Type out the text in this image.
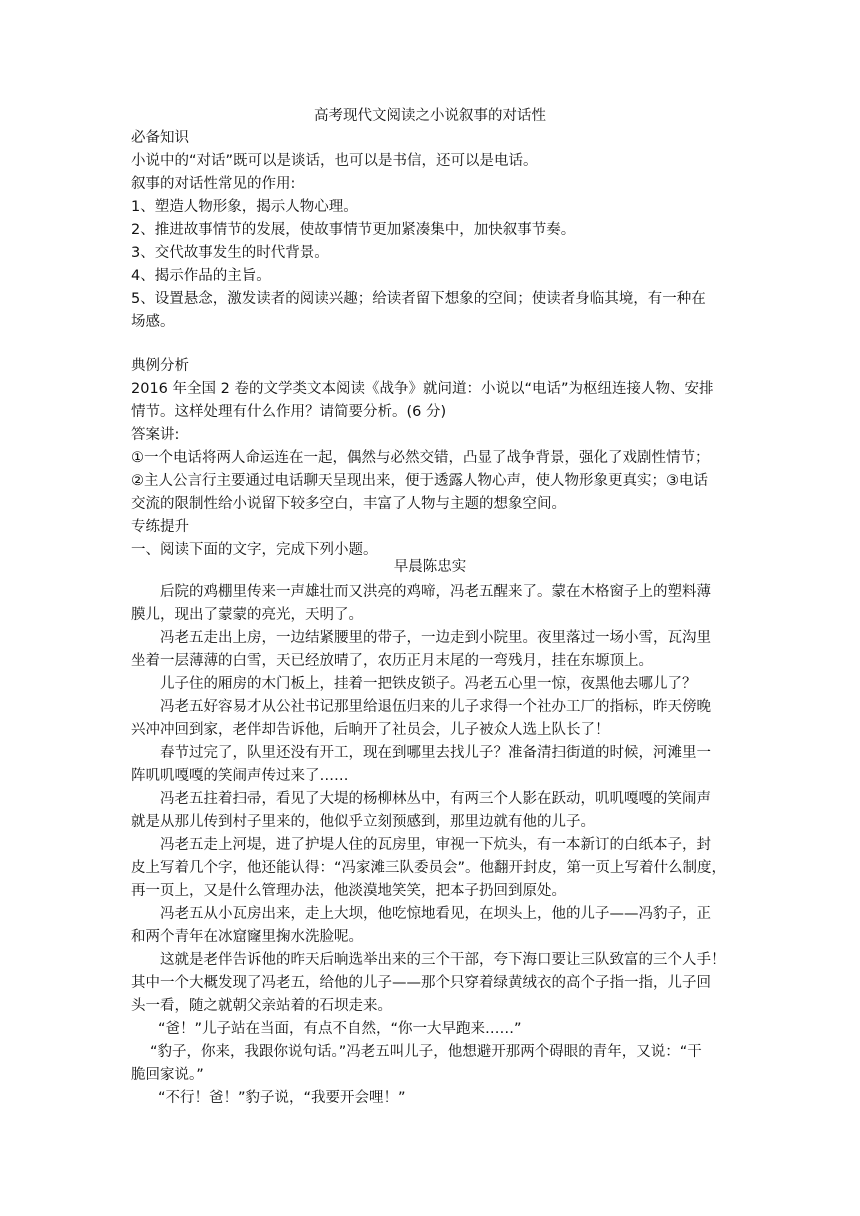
高考现代文阅读之小说叙事的对话性
必备知识
小说中的“对话”既可以是谈话，也可以是书信，还可以是电话。
叙事的对话性常见的作用:
1、塑造人物形象，揭示人物心理。
2、推进故事情节的发展，使故事情节更加紧凑集中，加快叙事节奏。
3、交代故事发生的时代背景。
4、揭示作品的主旨。
5、设置悬念，激发读者的阅读兴趣；给读者留下想象的空间；使读者身临其境，有一种在
场感。
典例分析
2016 年全国 2 卷的文学类文本阅读《战争》就问道：小说以“电话”为枢纽连接人物、安排
情节。这样处理有什么作用？请简要分析。(6 分)
答案讲:
①一个电话将两人命运连在一起，偶然与必然交错，凸显了战争背景，强化了戏剧性情节；
②主人公言行主要通过电话聊天呈现出来，便于透露人物心声，使人物形象更真实；③电话
交流的限制性给小说留下较多空白，丰富了人物与主题的想象空间。
专练提升
一、阅读下面的文字，完成下列小题。
早晨陈忠实
后院的鸡棚里传来一声雄壮而又洪亮的鸡啼，冯老五醒来了。蒙在木格窗子上的塑料薄
膜儿，现出了蒙蒙的亮光，天明了。
冯老五走出上房，一边结紧腰里的带子，一边走到小院里。夜里落过一场小雪，瓦沟里
坐着一层薄薄的白雪，天已经放晴了，农历正月末尾的一弯残月，挂在东塬顶上。
儿子住的厢房的木门板上，挂着一把铁皮锁子。冯老五心里一惊，夜黑他去哪儿了？
冯老五好容易才从公社书记那里给退伍归来的儿子求得一个社办工厂的指标，昨天傍晚
兴冲冲回到家，老伴却告诉他，后晌开了社员会，儿子被众人选上队长了！
春节过完了，队里还没有开工，现在到哪里去找儿子？准备清扫街道的时候，河滩里一
阵叽叽嘎嘎的笑闹声传过来了……
冯老五拄着扫帚，看见了大堤的杨柳林丛中，有两三个人影在跃动，叽叽嘎嘎的笑闹声
就是从那儿传到村子里来的，他似乎立刻预感到，那里边就有他的儿子。
冯老五走上河堤，进了护堤人住的瓦房里，审视一下炕头，有一本新订的白纸本子，封
皮上写着几个字，他还能认得：“冯家滩三队委员会”。他翻开封皮，第一页上写着什么制度，
再一页上，又是什么管理办法，他淡漠地笑笑，把本子扔回到原处。
冯老五从小瓦房出来，走上大坝，他吃惊地看见，在坝头上，他的儿子——冯豹子，正
和两个青年在冰窟窿里掬水洗脸呢。
这就是老伴告诉他的昨天后晌选举出来的三个干部，夸下海口要让三队致富的三个人手！
其中一个大概发现了冯老五，给他的儿子——那个只穿着绿黄绒衣的高个子指一指，儿子回
头一看，随之就朝父亲站着的石坝走来。
“爸！”儿子站在当面，有点不自然，“你一大早跑来……”
“豹子，你来，我跟你说句话。”冯老五叫儿子，他想避开那两个碍眼的青年，又说：“干
脆回家说。”
“不行！爸！”豹子说，“我要开会哩！”
